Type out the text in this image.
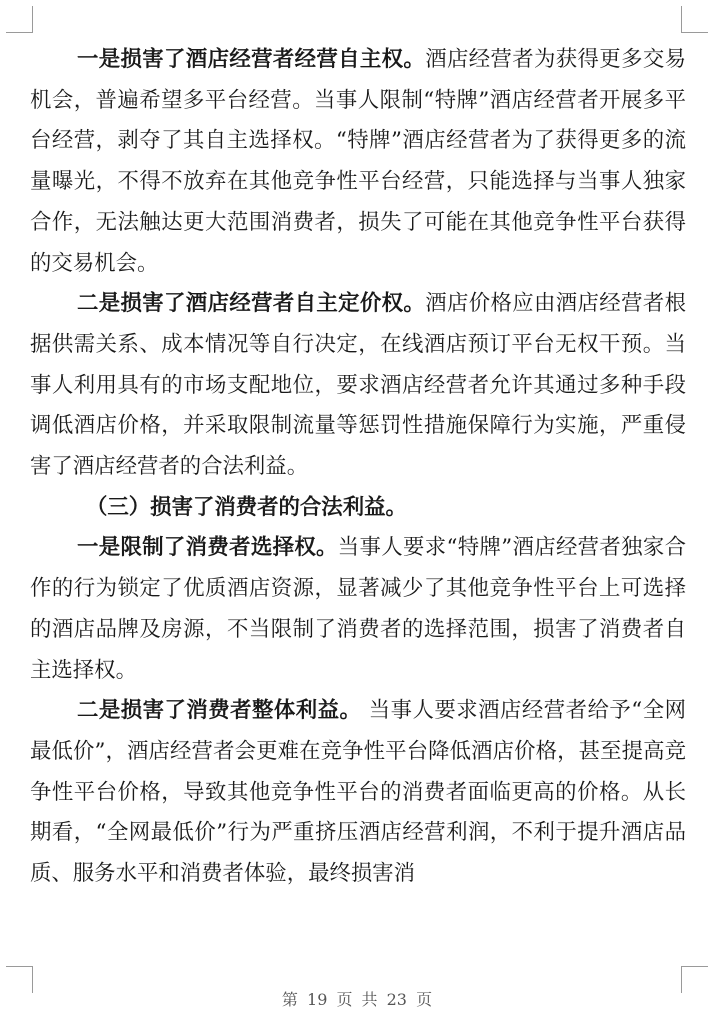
一是损害了酒店经营者经营自主权。酒店经营者为获得更多交易机会，普遍希望多平台经营。当事人限制“特牌”酒店经营者开展多平台经营，剥夺了其自主选择权。“特牌”酒店经营者为了获得更多的流量曝光，不得不放弃在其他竞争性平台经营，只能选择与当事人独家合作，无法触达更大范围消费者，损失了可能在其他竞争性平台获得的交易机会。

二是损害了酒店经营者自主定价权。酒店价格应由酒店经营者根据供需关系、成本情况等自行决定，在线酒店预订平台无权干预。当事人利用具有的市场支配地位，要求酒店经营者允许其通过多种手段调低酒店价格，并采取限制流量等惩罚性措施保障行为实施，严重侵害了酒店经营者的合法利益。

（三）损害了消费者的合法利益。

一是限制了消费者选择权。当事人要求“特牌”酒店经营者独家合作的行为锁定了优质酒店资源，显著减少了其他竞争性平台上可选择的酒店品牌及房源，不当限制了消费者的选择范围，损害了消费者自主选择权。

二是损害了消费者整体利益。 当事人要求酒店经营者给予“全网最低价”，酒店经营者会更难在竞争性平台降低酒店价格，甚至提高竞争性平台价格，导致其他竞争性平台的消费者面临更高的价格。从长期看，“全网最低价”行为严重挤压酒店经营利润，不利于提升酒店品质、服务水平和消费者体验，最终损害消

第 19 页 共 23 页
